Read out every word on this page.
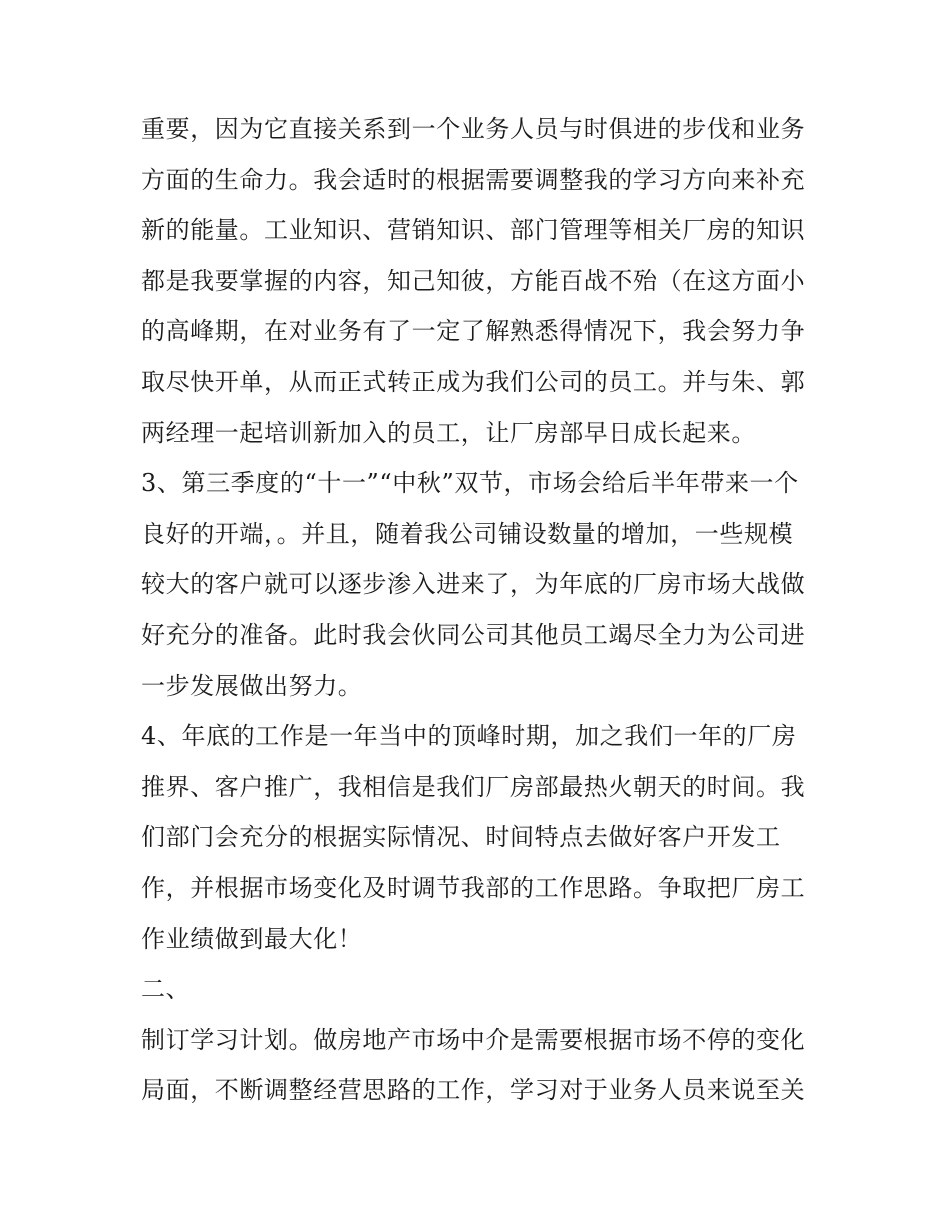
重要，因为它直接关系到一个业务人员与时俱进的步伐和业务

方面的生命力。我会适时的根据需要调整我的学习方向来补充

新的能量。工业知识、营销知识、部门管理等相关厂房的知识

都是我要掌握的内容，知己知彼，方能百战不殆（在这方面小

的高峰期，在对业务有了一定了解熟悉得情况下，我会努力争

取尽快开单，从而正式转正成为我们公司的员工。并与朱、郭

两经理一起培训新加入的员工，让厂房部早日成长起来。

3、第三季度的“十一”“中秋”双节，市场会给后半年带来一个

良好的开端，。并且，随着我公司铺设数量的增加，一些规模

较大的客户就可以逐步渗入进来了，为年底的厂房市场大战做

好充分的准备。此时我会伙同公司其他员工竭尽全力为公司进

一步发展做出努力。

4、年底的工作是一年当中的顶峰时期，加之我们一年的厂房

推界、客户推广，我相信是我们厂房部最热火朝天的时间。我

们部门会充分的根据实际情况、时间特点去做好客户开发工

作，并根据市场变化及时调节我部的工作思路。争取把厂房工

作业绩做到最大化！

二、

制订学习计划。做房地产市场中介是需要根据市场不停的变化

局面，不断调整经营思路的工作，学习对于业务人员来说至关
